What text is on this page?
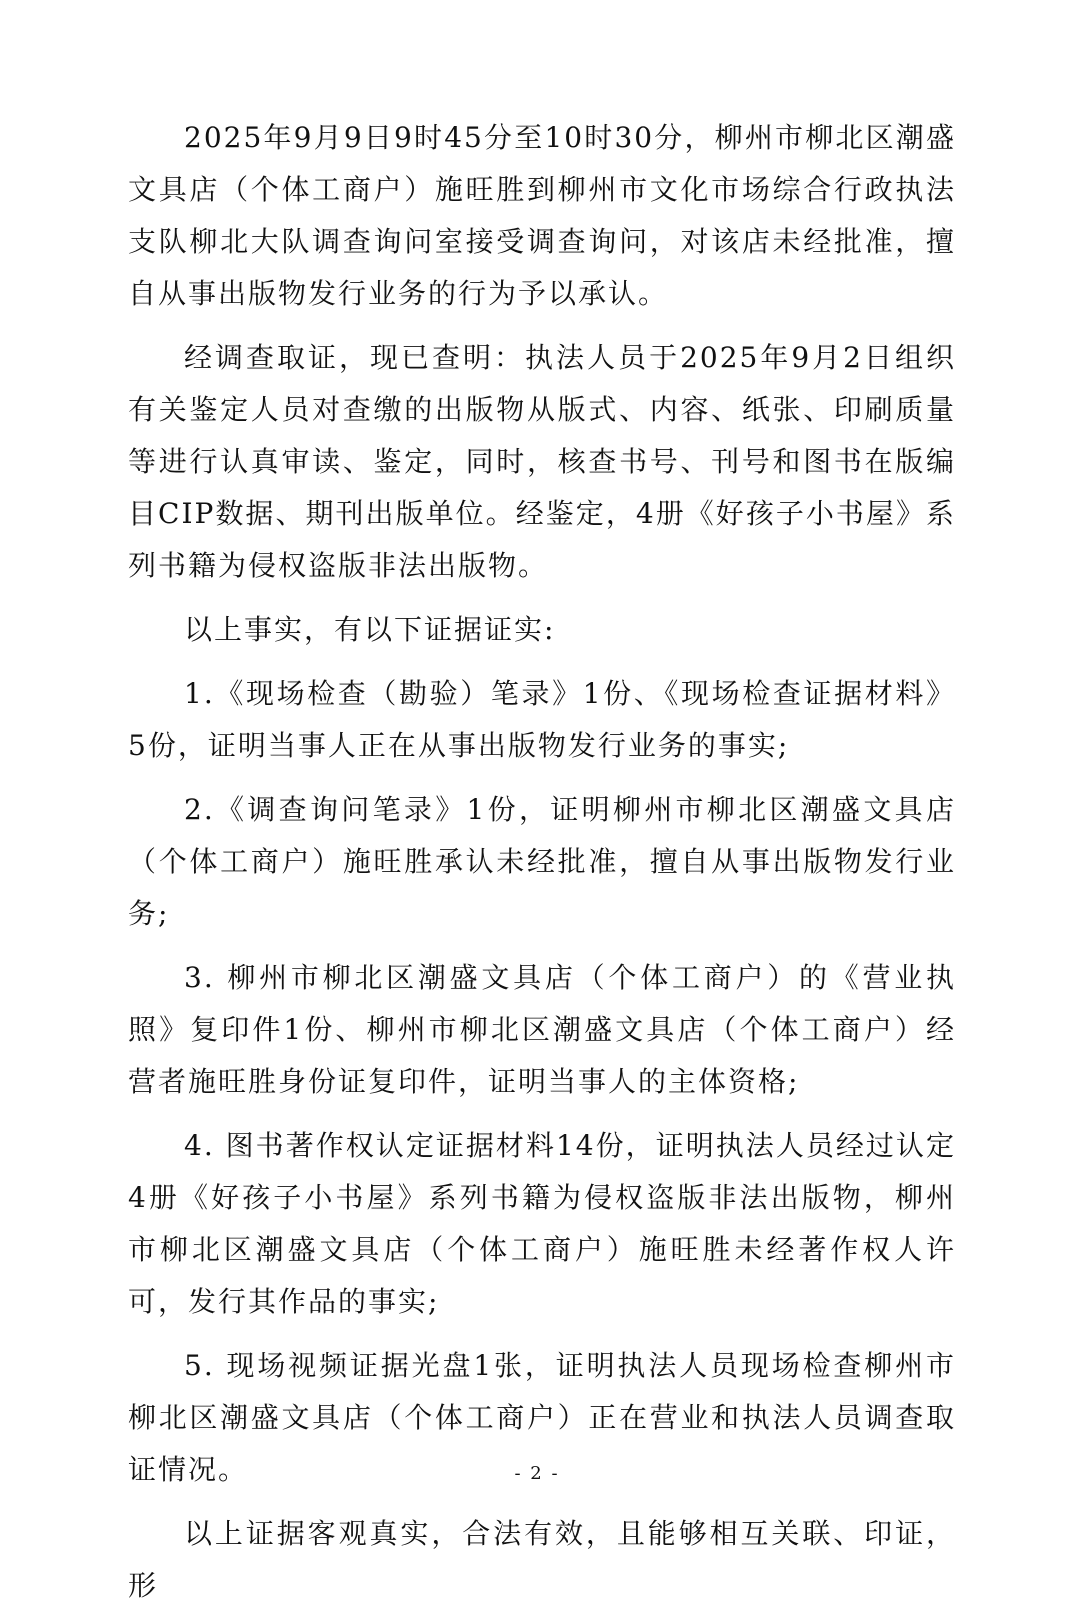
2025年9月9日9时45分至10时30分，柳州市柳北区潮盛文具店（个体工商户）施旺胜到柳州市文化市场综合行政执法支队柳北大队调查询问室接受调查询问，对该店未经批准，擅自从事出版物发行业务的行为予以承认。

经调查取证，现已查明：执法人员于2025年9月2日组织有关鉴定人员对查缴的出版物从版式、内容、纸张、印刷质量等进行认真审读、鉴定，同时，核查书号、刊号和图书在版编目CIP数据、期刊出版单位。经鉴定，4册《好孩子小书屋》系列书籍为侵权盗版非法出版物。

以上事实，有以下证据证实:

1.《现场检查（勘验）笔录》1份、《现场检查证据材料》5份，证明当事人正在从事出版物发行业务的事实;

2.《调查询问笔录》1份，证明柳州市柳北区潮盛文具店（个体工商户）施旺胜承认未经批准，擅自从事出版物发行业务;

3. 柳州市柳北区潮盛文具店（个体工商户）的《营业执照》复印件1份、柳州市柳北区潮盛文具店（个体工商户）经营者施旺胜身份证复印件，证明当事人的主体资格;

4. 图书著作权认定证据材料14份，证明执法人员经过认定4册《好孩子小书屋》系列书籍为侵权盗版非法出版物，柳州市柳北区潮盛文具店（个体工商户）施旺胜未经著作权人许可，发行其作品的事实;

5. 现场视频证据光盘1张，证明执法人员现场检查柳州市柳北区潮盛文具店（个体工商户）正在营业和执法人员调查取证情况。

以上证据客观真实，合法有效，且能够相互关联、印证，形

- 2 -
